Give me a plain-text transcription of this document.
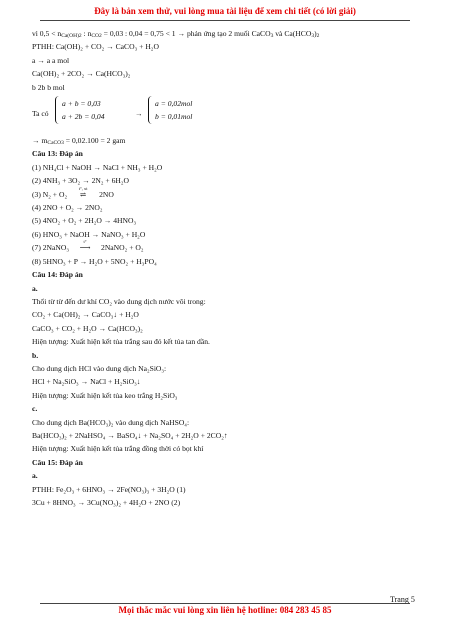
Đây là bản xem thử, vui lòng mua tài liệu để xem chi tiết (có lời giải)
vì $0,5 < n_{Ca(OH)2}$ : $n_{CO2} = 0,03$ : 0,04 = 0,75 < 1 → phản ứng tạo 2 muối CaCO$_3$ và $Ca(HCO_3)_2$
PTHH: Ca(OH)₂ + CO₂ → CaCO₃ + H₂O
a → a a mol
Ca(OH)₂ + 2CO₂ → Ca(HCO₃)₂
b 2b b mol
Ta có
a + b = 0,03
a + 2b = 0,04	→
a = 0,02mol
b = 0,01mol
→ $m_{CaCO3} = 0,02.100 = 2$ gam
Câu 13: Đáp án
(1) NH₄Cl + NaOH → NaCl + NH₃ + H₂O
(2) 4NH₃ + 3O₂ → 2N₂ + 6H₂O
(3) N₂ + O₂
t°, xt
⇌ 2NO
(4) 2NO + O₂ → 2NO₂
(5) 4NO₂ + O₂ + 2H₂O → 4HNO₃
(6) HNO₃ + NaOH → NaNO₃ + H₂O
(7) 2NaNO₃
t°
⟶ 2NaNO₂ + O₂
(8) 5HNO₃ + P → H₂O + 5NO₂ + H₃PO₄
Câu 14: Đáp án
a.
Thổi từ từ đến dư khí CO₂ vào dung dịch nước vôi trong:
CO₂ + Ca(OH)₂ → CaCO₃↓ + H₂O
CaCO₃ + CO₂ + H₂O → Ca(HCO₃)₂
Hiện tượng: Xuất hiện kết tủa trắng sau đó kết tủa tan dần.
b.
Cho dung dịch HCl vào dung dịch Na₂SiO₃:
HCl + Na₂SiO₃ → NaCl + H₂SiO₃↓
Hiện tượng: Xuất hiện kết tủa keo trắng H₂SiO₃
c.
Cho dung dịch Ba(HCO₃)₂ vào dung dịch NaHSO₄:
Ba(HCO₃)₂ + 2NaHSO₄ → BaSO₄↓ + Na₂SO₄ + 2H₂O + 2CO₂↑
Hiện tượng: Xuất hiện kết tủa trắng đồng thời có bọt khí
Câu 15: Đáp án
a.
PTHH: Fe₂O₃ + 6HNO₃ → 2Fe(NO₃)₃ + 3H₂O (1)
3Cu + 8HNO₃ → 3Cu(NO₃)₂ + 4H₂O + 2NO (2)
Trang 5
Mọi thắc mắc vui lòng xin liên hệ hotline: 084 283 45 85
